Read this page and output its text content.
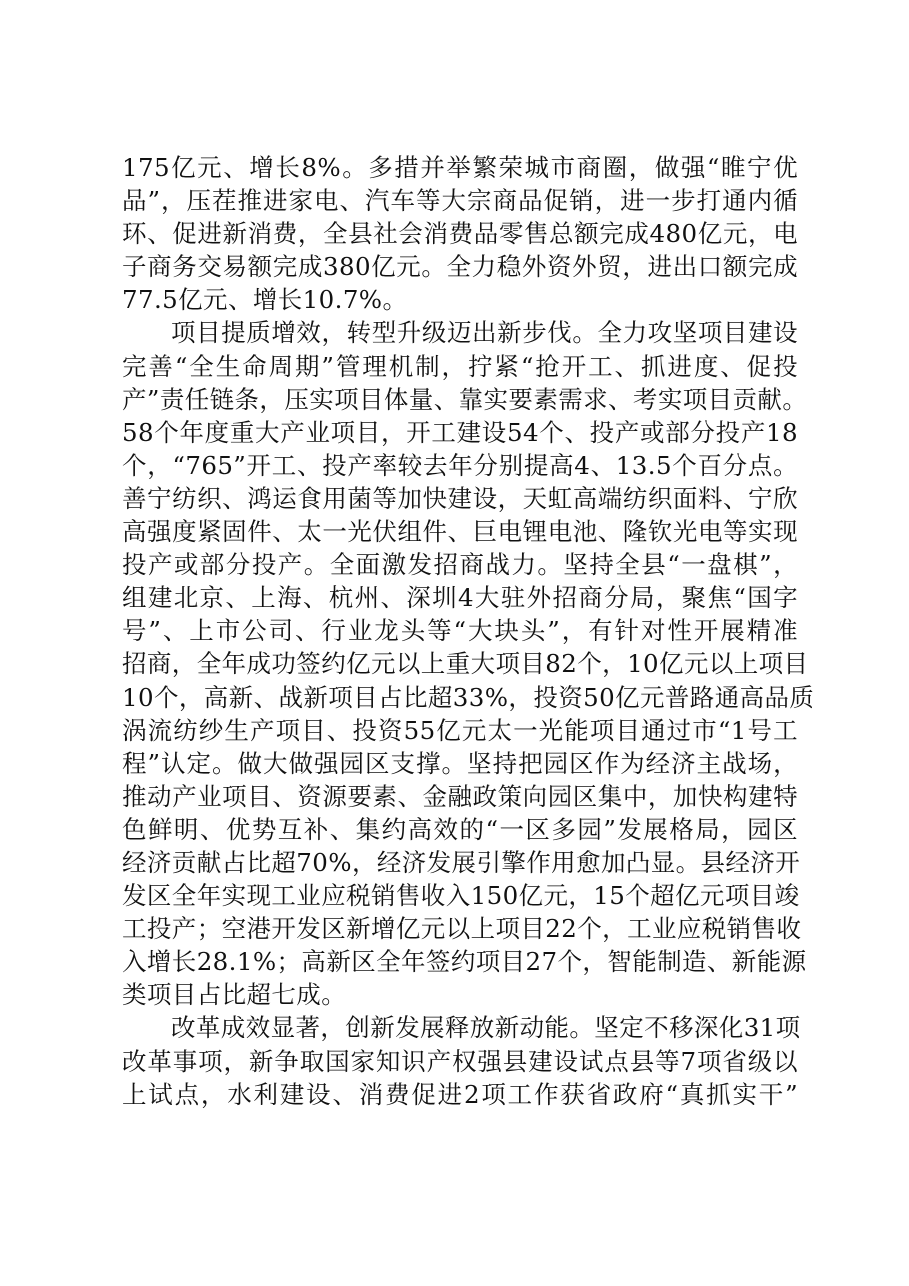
175亿元、增长8%。多措并举繁荣城市商圈，做强“睢宁优
品”，压茬推进家电、汽车等大宗商品促销，进一步打通内循
环、促进新消费，全县社会消费品零售总额完成480亿元，电
子商务交易额完成380亿元。全力稳外资外贸，进出口额完成
77.5亿元、增长10.7%。
项目提质增效，转型升级迈出新步伐。全力攻坚项目建设
完善“全生命周期”管理机制，拧紧“抢开工、抓进度、促投
产”责任链条，压实项目体量、靠实要素需求、考实项目贡献。
58个年度重大产业项目，开工建设54个、投产或部分投产18
个，“765”开工、投产率较去年分别提高4、13.5个百分点。
善宁纺织、鸿运食用菌等加快建设，天虹高端纺织面料、宁欣
高强度紧固件、太一光伏组件、巨电锂电池、隆钦光电等实现
投产或部分投产。全面激发招商战力。坚持全县“一盘棋”，
组建北京、上海、杭州、深圳4大驻外招商分局，聚焦“国字
号”、上市公司、行业龙头等“大块头”，有针对性开展精准
招商，全年成功签约亿元以上重大项目82个，10亿元以上项目
10个，高新、战新项目占比超33%，投资50亿元普路通高品质
涡流纺纱生产项目、投资55亿元太一光能项目通过市“1号工
程”认定。做大做强园区支撑。坚持把园区作为经济主战场，
推动产业项目、资源要素、金融政策向园区集中，加快构建特
色鲜明、优势互补、集约高效的“一区多园”发展格局，园区
经济贡献占比超70%，经济发展引擎作用愈加凸显。县经济开
发区全年实现工业应税销售收入150亿元，15个超亿元项目竣
工投产；空港开发区新增亿元以上项目22个，工业应税销售收
入增长28.1%；高新区全年签约项目27个，智能制造、新能源
类项目占比超七成。
改革成效显著，创新发展释放新动能。坚定不移深化31项
改革事项，新争取国家知识产权强县建设试点县等7项省级以
上试点，水利建设、消费促进2项工作获省政府“真抓实干”
